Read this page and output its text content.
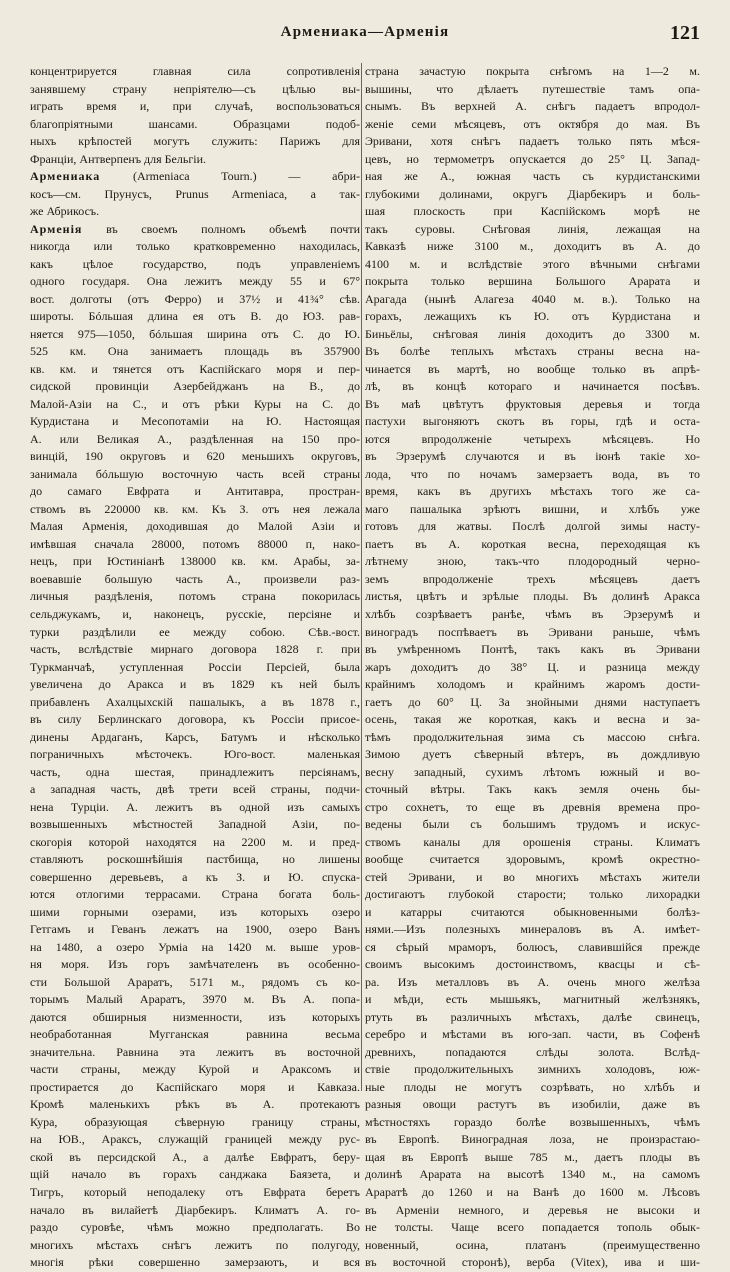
Армениака—Арменія	121
концентрируется главная сила сопротивленія
занявшему страну непріятелю—съ цѣлью вы-
играть время и, при случаѣ, воспользоваться
благопріятными шансами. Образцами подоб-
ныхъ крѣпостей могутъ служить: Парижъ для
Франціи, Антверпенъ для Бельгіи.
Армениака (Armeniaca Tourn.) — абри-
косъ—см. Прунусъ, Prunus Armeniaca, а так-
же Абрикосъ.
Арменія въ своемъ полномъ объемѣ почти
никогда или только кратковременно находилась,
какъ цѣлое государство, подъ управленіемъ
одного государя. Она лежитъ между 55 и 67°
вост. долготы (отъ Ферро) и 37½ и 41¾° сѣв.
широты. Бóльшая длина ея отъ В. до ЮЗ. рав-
няется 975—1050, бóльшая ширина отъ С. до Ю.
525 км. Она занимаетъ площадь въ 357900
кв. км. и тянется отъ Каспійскаго моря и пер-
сидской провинціи Азербейджанъ на В., до
Малой-Азіи на С., и отъ рѣки Куры на С. до
Курдистана и Месопотаміи на Ю. Настоящая
А. или Великая А., раздѣленная на 150 про-
винцій, 190 округовъ и 620 меньшихъ округовъ,
занимала бóльшую восточную часть всей страны
до самаго Евфрата и Антитавра, простран-
ствомъ въ 220000 кв. км. Къ З. отъ нея лежала
Малая Арменія, доходившая до Малой Азіи и
имѣвшая сначала 28000, потомъ 88000 п, нако-
нецъ, при Юстиніанѣ 138000 кв. км. Арабы, за-
воевавшіе большую часть А., произвели раз-
личныя раздѣленія, потомъ страна покорилась
сельджукамъ, и, наконецъ, русскіе, персіяне и
турки раздѣлили ее между собою. Сѣв.-вост.
часть, вслѣдствіе мирнаго договора 1828 г. при
Туркманчаѣ, уступленная Россіи Персіей, была
увеличена до Аракса и въ 1829 къ ней былъ
прибавленъ Ахалцыхскій пашалыкъ, а въ 1878 г.,
въ силу Берлинскаго договора, къ Россіи присое-
динены Ардаганъ, Карсъ, Батумъ и нѣсколько
пограничныхъ мѣсточекъ. Юго-вост. маленькая
часть, одна шестая, принадлежитъ персіянамъ,
а западная часть, двѣ трети всей страны, подчи-
нена Турціи. А. лежитъ въ одной изъ самыхъ
возвышенныхъ мѣстностей Западной Азіи, по-
скогорія которой находятся на 2200 м. и пред-
ставляютъ роскошнѣйшія пастбища, но лишены
совершенно деревьевъ, а къ З. и Ю. спуска-
ются отлогими террасами. Страна богата боль-
шими горными озерами, изъ которыхъ озеро
Гетгамъ и Геванъ лежатъ на 1900, озеро Ванъ
на 1480, а озеро Урміа на 1420 м. выше уров-
ня моря. Изъ горъ замѣчателенъ въ особенно-
сти Большой Араратъ, 5171 м., рядомъ съ ко-
торымъ Малый Араратъ, 3970 м. Въ А. попа-
даются обширныя низменности, изъ которыхъ
необработанная Мугганская равнина весьма
значительна. Равнина эта лежитъ въ восточной
части страны, между Курой и Араксомъ и
простирается до Каспійскаго моря и Кавказа.
Кромѣ маленькихъ рѣкъ въ А. протекаютъ
Кура, образующая сѣверную границу страны,
на ЮВ., Араксъ, служащій границей между рус-
ской въ персидской А., а далѣе Евфратъ, беру-
щій начало въ горахъ санджака Баязета, и
Тигръ, который неподалеку отъ Евфрата беретъ
начало въ вилайетѣ Діарбекиръ. Климатъ А. го-
раздо суровѣе, чѣмъ можно предполагать. Во
многихъ мѣстахъ снѣгъ лежитъ по полугоду,
многія рѣки совершенно замерзаютъ, и вся
страна зачастую покрыта снѣгомъ на 1—2 м.
вышины, что дѣлаетъ путешествіе тамъ опа-
снымъ. Въ верхней А. снѣгъ падаетъ впродол-
женіе семи мѣсяцевъ, отъ октября до мая. Въ
Эривани, хотя снѣгъ падаетъ только пять мѣся-
цевъ, но термометръ опускается до 25° Ц. Запад-
ная же А., южная часть съ курдистанскими
глубокими долинами, округъ Діарбекиръ и боль-
шая плоскость при Каспійскомъ морѣ не
такъ суровы. Снѣговая линія, лежащая на
Кавказѣ ниже 3100 м., доходитъ въ А. до
4100 м. и вслѣдствіе этого вѣчными снѣгами
покрыта только вершина Большого Арарата и
Арагада (нынѣ Алагеза 4040 м. в.). Только на
горахъ, лежащихъ къ Ю. отъ Курдистана и
Биньёлы, снѣговая линія доходитъ до 3300 м.
Въ болѣе теплыхъ мѣстахъ страны весна на-
чинается въ мартѣ, но вообще только въ апрѣ-
лѣ, въ концѣ котораго и начинается посѣвъ.
Въ маѣ цвѣтутъ фруктовыя деревья и тогда
пастухи выгоняютъ скотъ въ горы, гдѣ и оста-
ются впродолженіе четырехъ мѣсяцевъ. Но
въ Эрзерумѣ случаются и въ іюнѣ такіе хо-
лода, что по ночамъ замерзаетъ вода, въ то
время, какъ въ другихъ мѣстахъ того же са-
маго пашалыка зрѣютъ вишни, и хлѣбъ уже
готовъ для жатвы. Послѣ долгой зимы насту-
паетъ въ А. короткая весна, переходящая къ
лѣтнему зною, такъ-что плодородный черно-
земъ впродолженіе трехъ мѣсяцевъ даетъ
листья, цвѣтъ и зрѣлые плоды. Въ долинѣ Аракса
хлѣбъ созрѣваетъ ранѣе, чѣмъ въ Эрзерумѣ и
виноградъ поспѣваетъ въ Эривани раньше, чѣмъ
въ умѣренномъ Понтѣ, такъ какъ въ Эривани
жаръ доходитъ до 38° Ц. и разница между
крайнимъ холодомъ и крайнимъ жаромъ дости-
гаетъ до 60° Ц. За знойными днями наступаетъ
осень, такая же короткая, какъ и весна и за-
тѣмъ продолжительная зима съ массою снѣга.
Зимою дуетъ сѣверный вѣтеръ, въ дождливую
весну западный, сухимъ лѣтомъ южный и во-
сточный вѣтры. Такъ какъ земля очень бы-
стро сохнетъ, то еще въ древнія времена про-
ведены были съ большимъ трудомъ и искус-
ствомъ каналы для орошенія страны. Климатъ
вообще считается здоровымъ, кромѣ окрестно-
стей Эривани, и во многихъ мѣстахъ жители
достигаютъ глубокой старости; только лихорадки
и катарры считаются обыкновенными болѣз-
нями.—Изъ полезныхъ минераловъ въ А. имѣет-
ся сѣрый мраморъ, болюсъ, славившійся прежде
своимъ высокимъ достоинствомъ, квасцы и сѣ-
ра. Изъ металловъ въ А. очень много желѣза
и мѣди, есть мышьякъ, магнитный желѣзнякъ,
ртуть въ различныхъ мѣстахъ, далѣе свинецъ,
серебро и мѣстами въ юго-зап. части, въ Софенѣ
древнихъ, попадаются слѣды золота. Вслѣд-
ствіе продолжительныхъ зимнихъ холодовъ, юж-
ные плоды не могутъ созрѣвать, но хлѣбъ и
разныя овощи растутъ въ изобиліи, даже въ
мѣстностяхъ гораздо болѣе возвышенныхъ, чѣмъ
въ Европѣ. Виноградная лоза, не произрастаю-
щая въ Европѣ выше 785 м., даетъ плоды въ
долинѣ Арарата на высотѣ 1340 м., на самомъ
Араратѣ до 1260 и на Ванѣ до 1600 м. Лѣсовъ
въ Арменіи немного, и деревья не высоки и
не толсты. Чаще всего попадается тополь обык-
новенный, осина, платанъ (преимущественно
въ восточной сторонѣ), верба (Vitex), ива и ши-
